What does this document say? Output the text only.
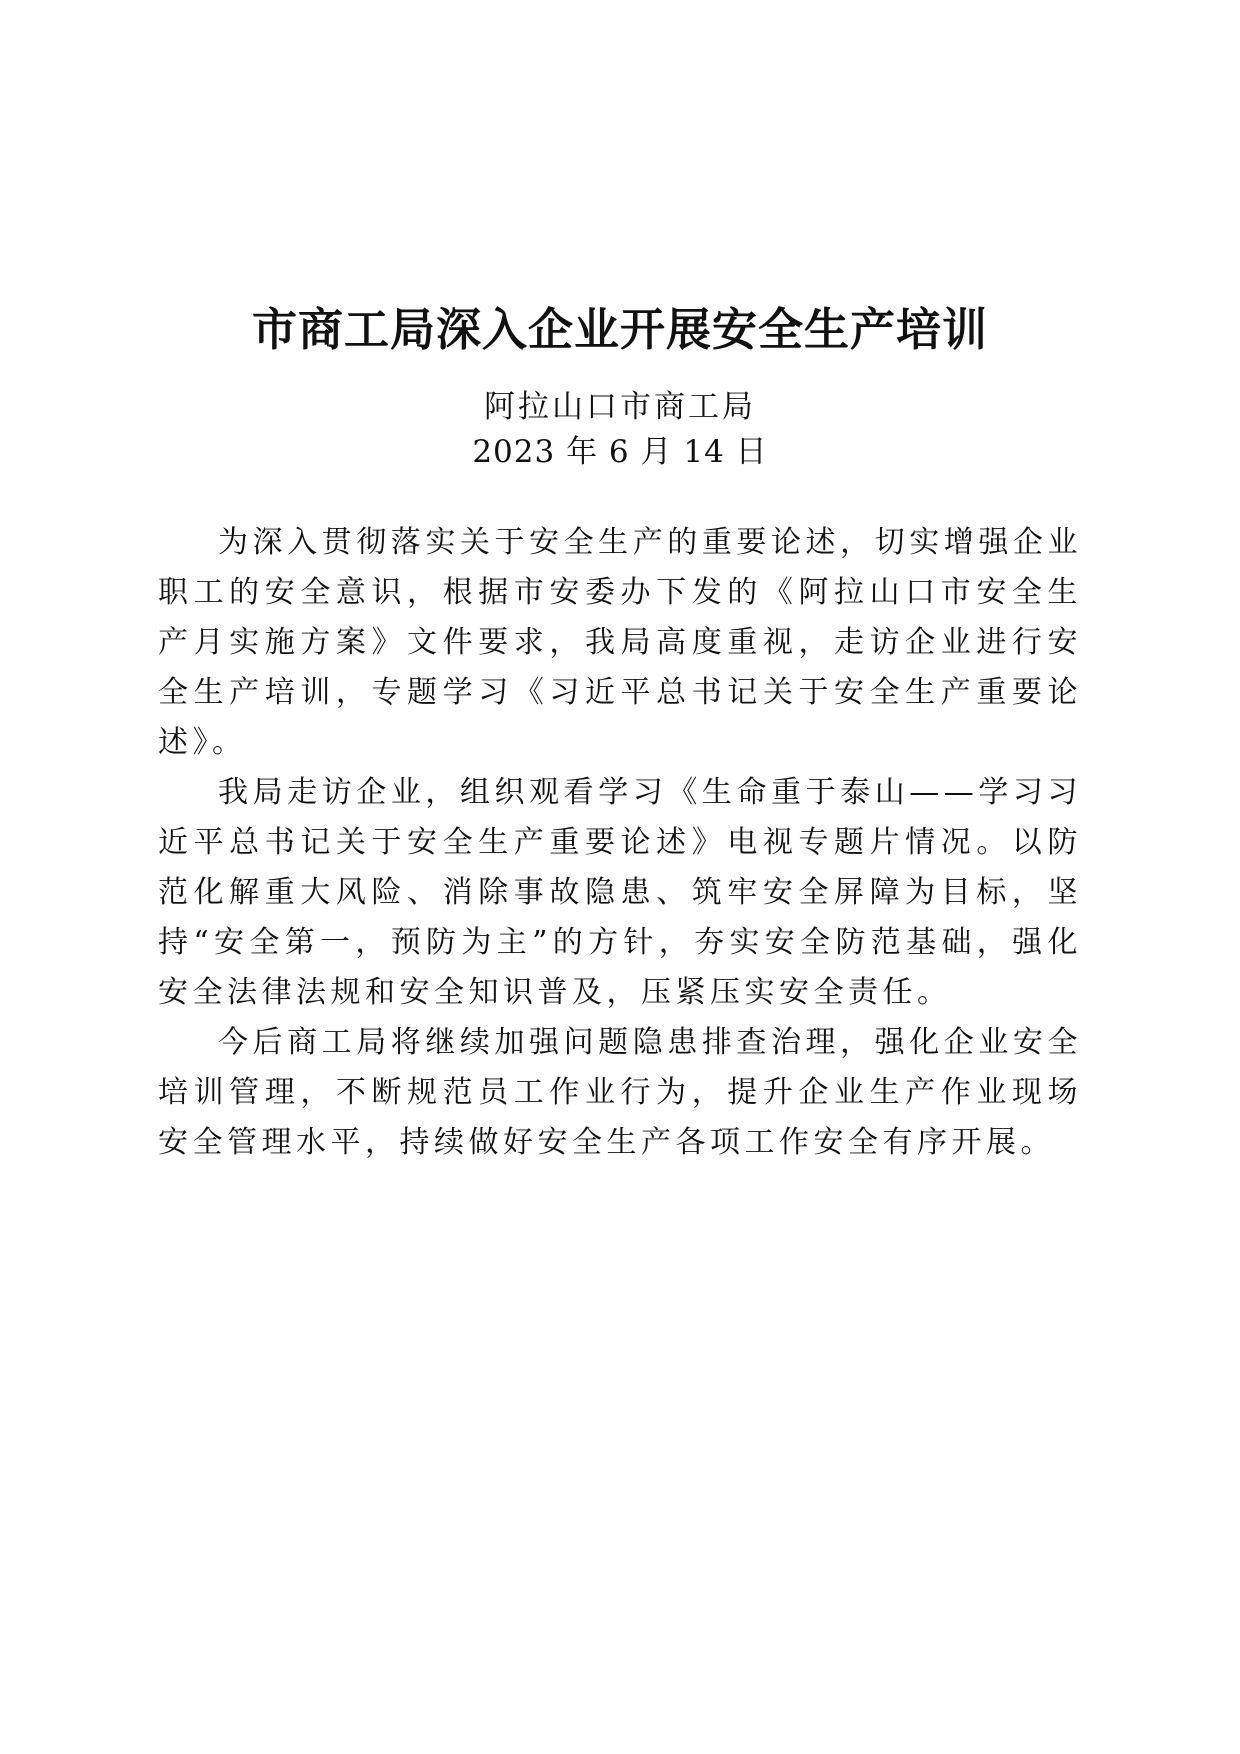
市商工局深入企业开展安全生产培训
阿拉山口市商工局
2023 年 6 月 14 日

为深入贯彻落实关于安全生产的重要论述，切实增强企业职工的安全意识，根据市安委办下发的《阿拉山口市安全生产月实施方案》文件要求，我局高度重视，走访企业进行安全生产培训，专题学习《习近平总书记关于安全生产重要论述》。

我局走访企业，组织观看学习《生命重于泰山——学习习近平总书记关于安全生产重要论述》电视专题片情况。以防范化解重大风险、消除事故隐患、筑牢安全屏障为目标，坚持“安全第一，预防为主”的方针，夯实安全防范基础，强化安全法律法规和安全知识普及，压紧压实安全责任。

今后商工局将继续加强问题隐患排查治理，强化企业安全培训管理，不断规范员工作业行为，提升企业生产作业现场安全管理水平，持续做好安全生产各项工作安全有序开展。
